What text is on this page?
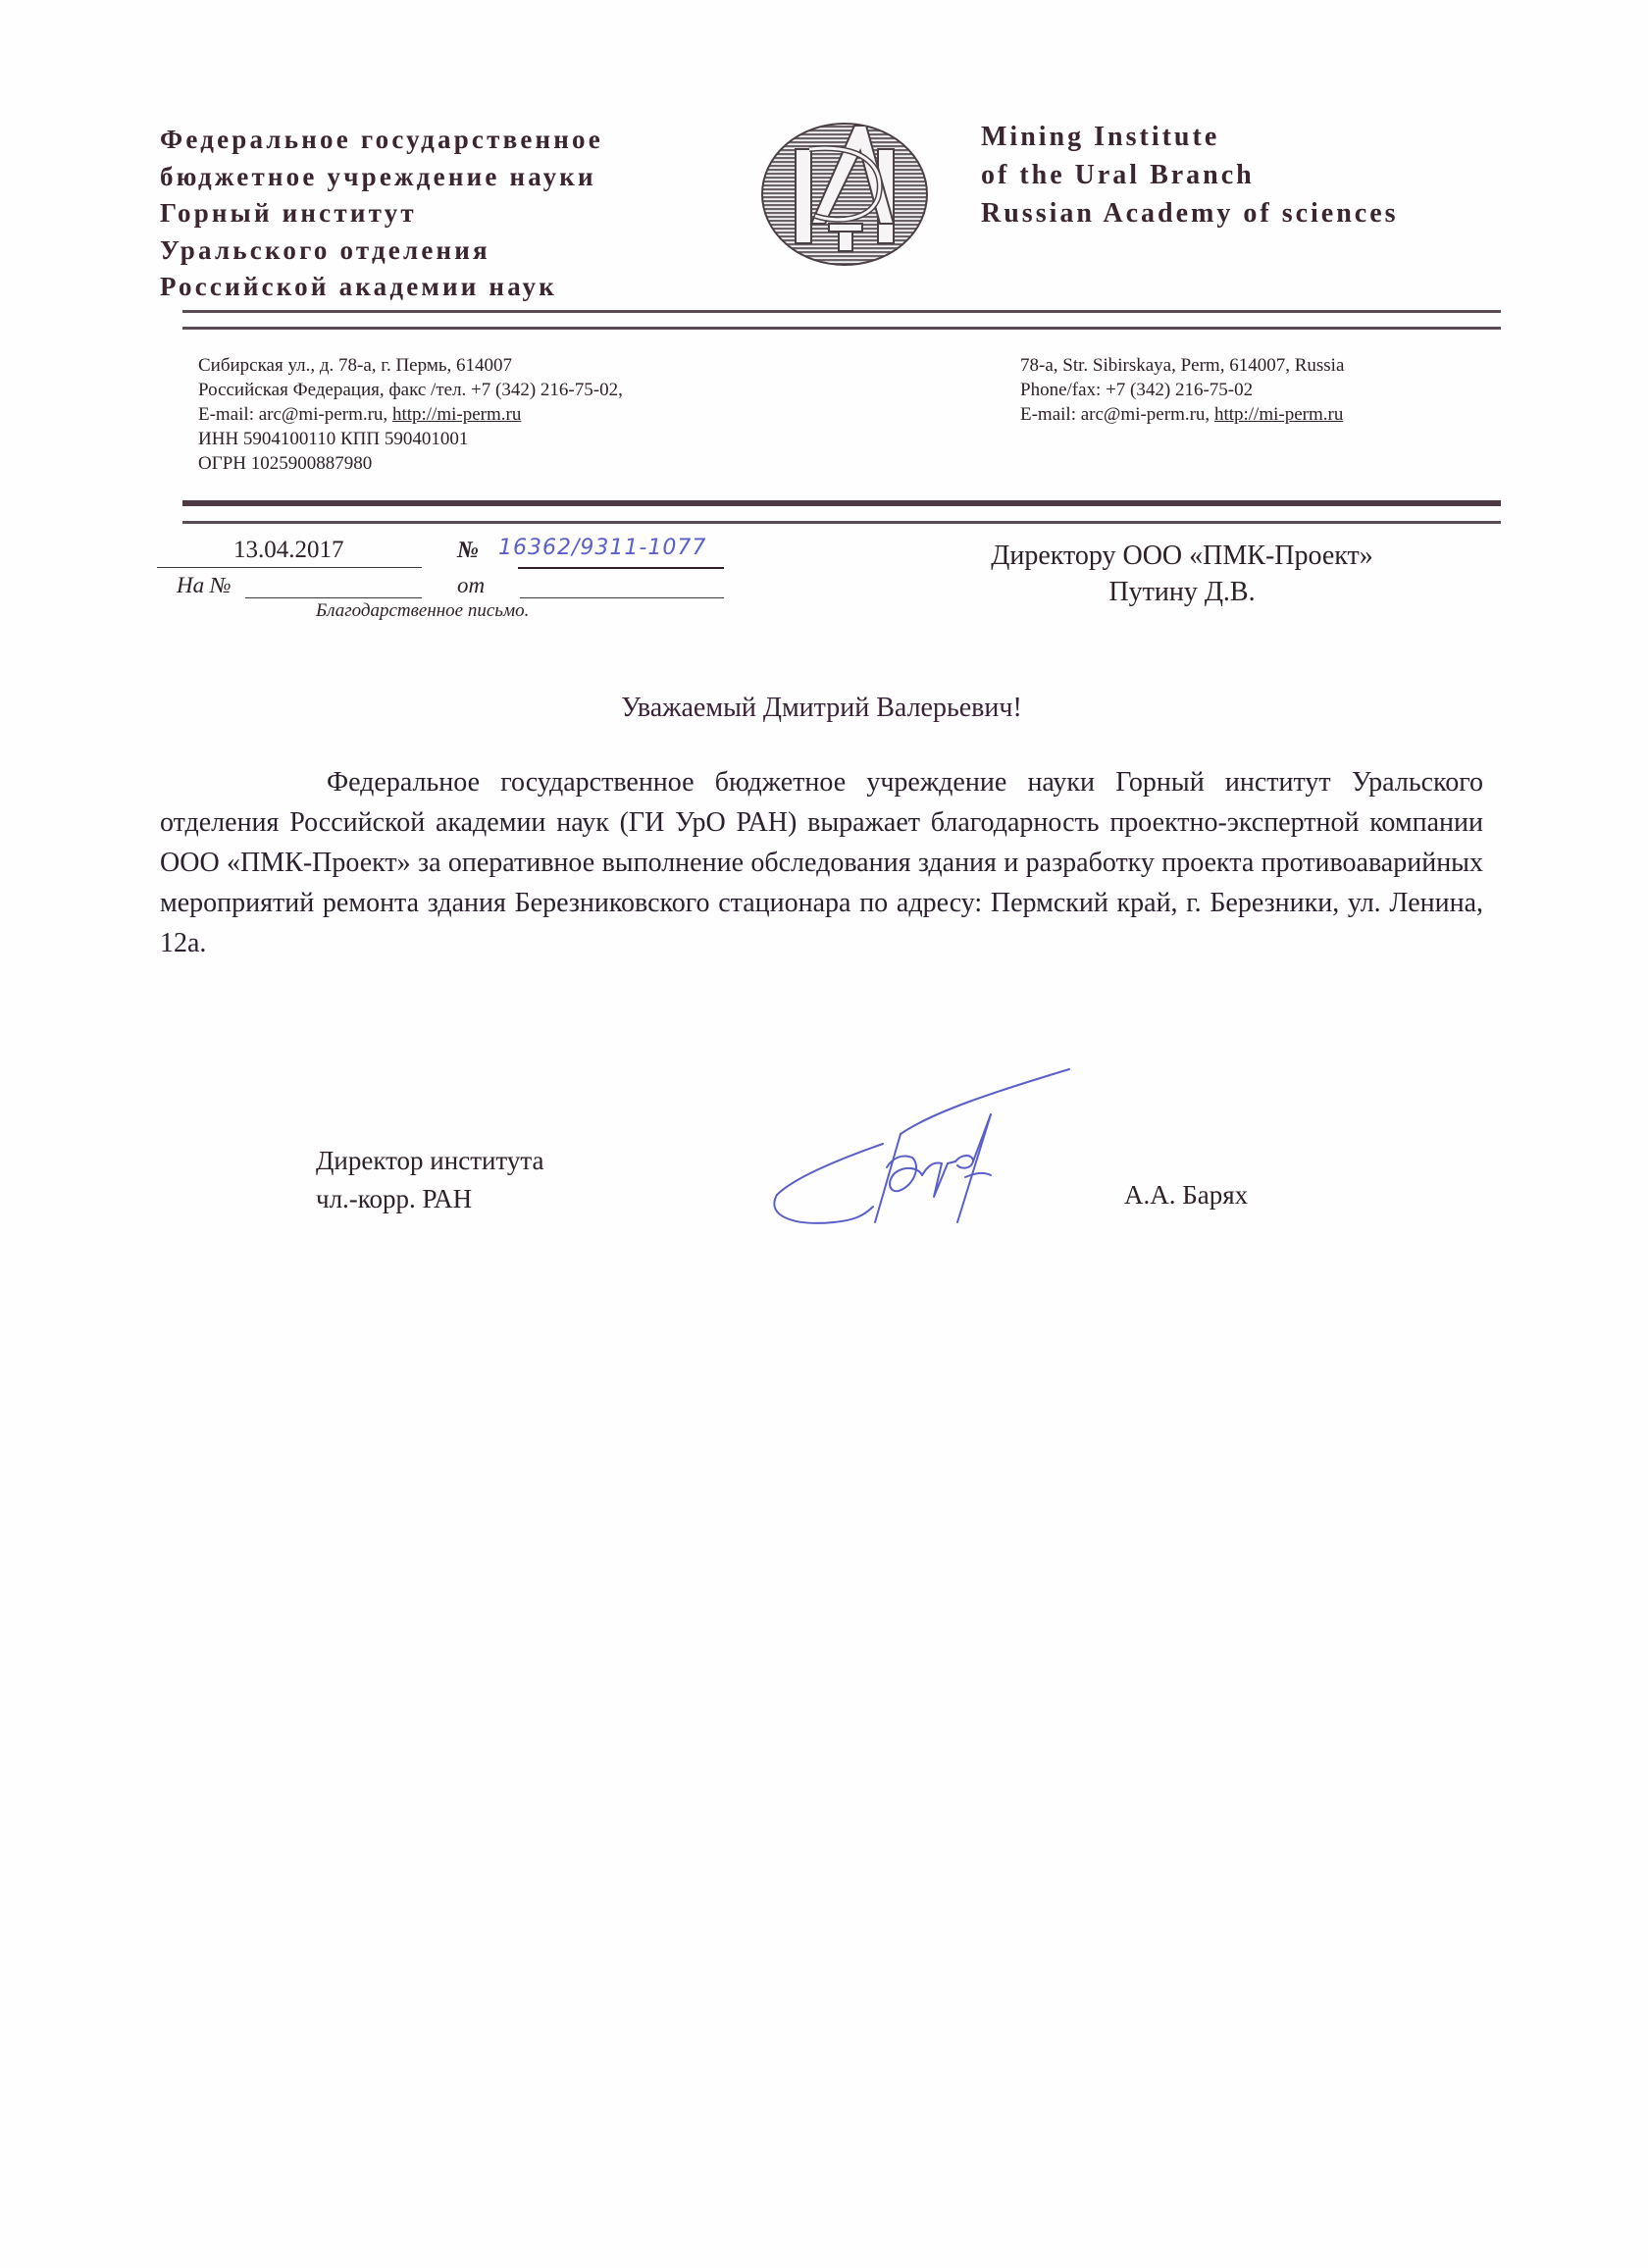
Федеральное государственное
бюджетное учреждение науки
Горный институт
Уральского отделения
Российской академии наук
Mining Institute
of the Ural Branch
Russian Academy of sciences
Сибирская ул., д. 78-а, г. Пермь, 614007
Российская Федерация, факс /тел. +7 (342) 216-75-02,
E-mail: arc@mi-perm.ru, http://mi-perm.ru
ИНН 5904100110 КПП 590401001
ОГРН 1025900887980
78-a, Str. Sibirskaya, Perm, 614007, Russia
Phone/fax: +7 (342) 216-75-02
E-mail: arc@mi-perm.ru, http://mi-perm.ru
13.04.2017	№ 16362/9311-1077
На №	от
Благодарственное письмо.
Директору ООО «ПМК-Проект»
Путину Д.В.
Уважаемый Дмитрий Валерьевич!

Федеральное государственное бюджетное учреждение науки Горный институт Уральского отделения Российской академии наук (ГИ УрО РАН) выражает благодарность проектно-экспертной компании ООО «ПМК-Проект» за оперативное выполнение обследования здания и разработку проекта противоаварийных мероприятий ремонта здания Березниковского стационара по адресу: Пермский край, г. Березники, ул. Ленина, 12а.

Директор института
чл.-корр. РАН	А.А. Барях
